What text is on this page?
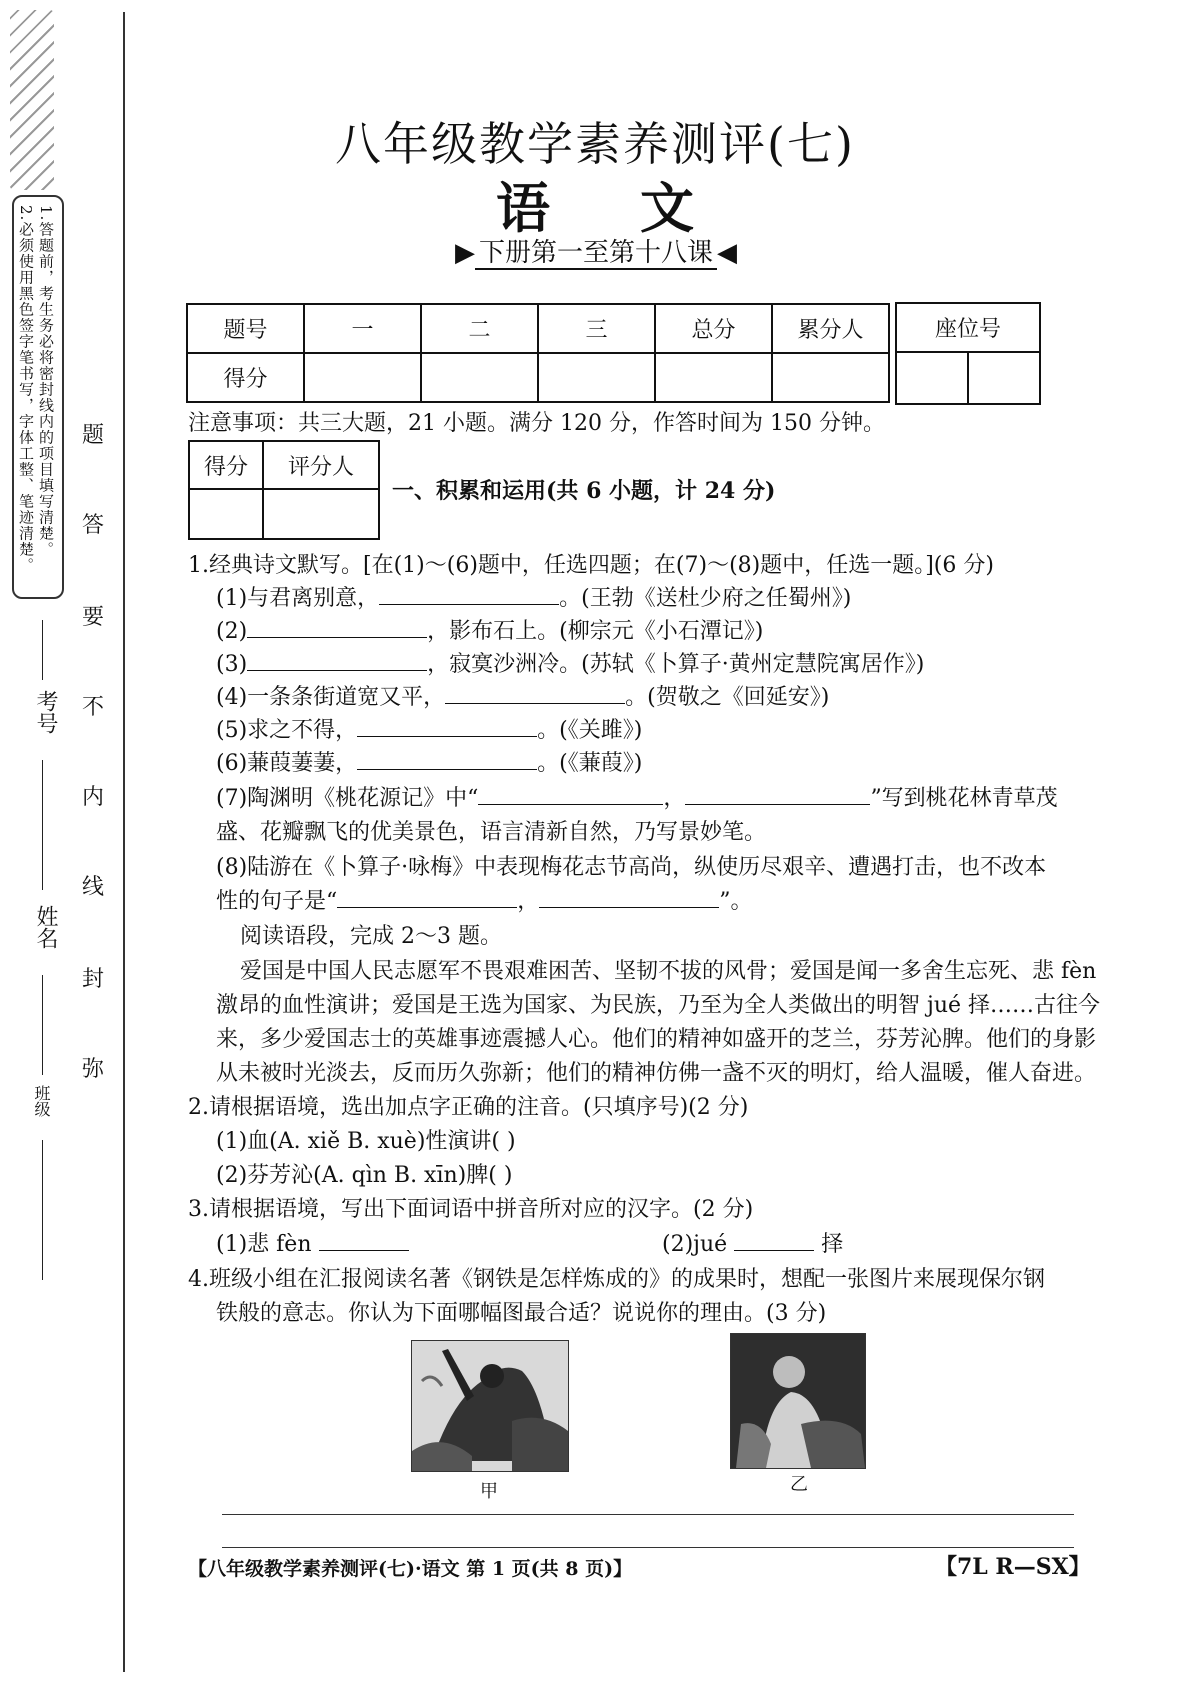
1.答题前，考生务必将密封线内的项目填写清楚。
2.必须使用黑色签字笔书写，字体工整、笔迹清楚。 题
答
要
不
内
线
封
弥
考号
姓名
班级
八年级教学素养测评(七)
语文
▶ 下册第一至第十八课 ◀
题号	一	二	三	总分	累分人
得分					
座位号

注意事项：共三大题，21 小题。满分 120 分，作答时间为 150 分钟。
得分	评分人

一、积累和运用(共 6 小题，计 24 分)
1.经典诗文默写。[在(1)～(6)题中，任选四题；在(7)～(8)题中，任选一题。](6 分)
(1)与君离别意，	。(王勃《送杜少府之任蜀州》)
(2)	，影布石上。(柳宗元《小石潭记》)
(3)	，寂寞沙洲冷。(苏轼《卜算子·黄州定慧院寓居作》)
(4)一条条街道宽又平，	。(贺敬之《回延安》)
(5)求之不得，	。(《关雎》)
(6)蒹葭萋萋，	。(《蒹葭》)
(7)陶渊明《桃花源记》中“	，	”写到桃花林青草茂
盛、花瓣飘飞的优美景色，语言清新自然，乃写景妙笔。
(8)陆游在《卜算子·咏梅》中表现梅花志节高尚，纵使历尽艰辛、遭遇打击，也不改本
性的句子是“	，	”。
阅读语段，完成 2～3 题。
爱国是中国人民志愿军不畏艰难困苦、坚韧不拔的风骨；爱国是闻一多舍生忘死、悲 fèn
激昂的血性演讲；爱国是王选为国家、为民族，乃至为全人类做出的明智 jué 择……古往今
来，多少爱国志士的英雄事迹震撼人心。他们的精神如盛开的芝兰，芬芳沁脾。他们的身影
从未被时光淡去，反而历久弥新；他们的精神仿佛一盏不灭的明灯，给人温暖，催人奋进。
2.请根据语境，选出加点字正确的注音。(只填序号)(2 分)
(1)血(A. xiě B. xuè)性演讲( )
(2)芬芳沁(A. qìn B. xīn)脾( )
3.请根据语境，写出下面词语中拼音所对应的汉字。(2 分)
(1)悲 fèn	(2)jué	择
4.班级小组在汇报阅读名著《钢铁是怎样炼成的》的成果时，想配一张图片来展现保尔钢
铁般的意志。你认为下面哪幅图最合适？说说你的理由。(3 分)
甲	乙
【八年级教学素养测评(七)·语文 第 1 页(共 8 页)】	【7L R—SX】
